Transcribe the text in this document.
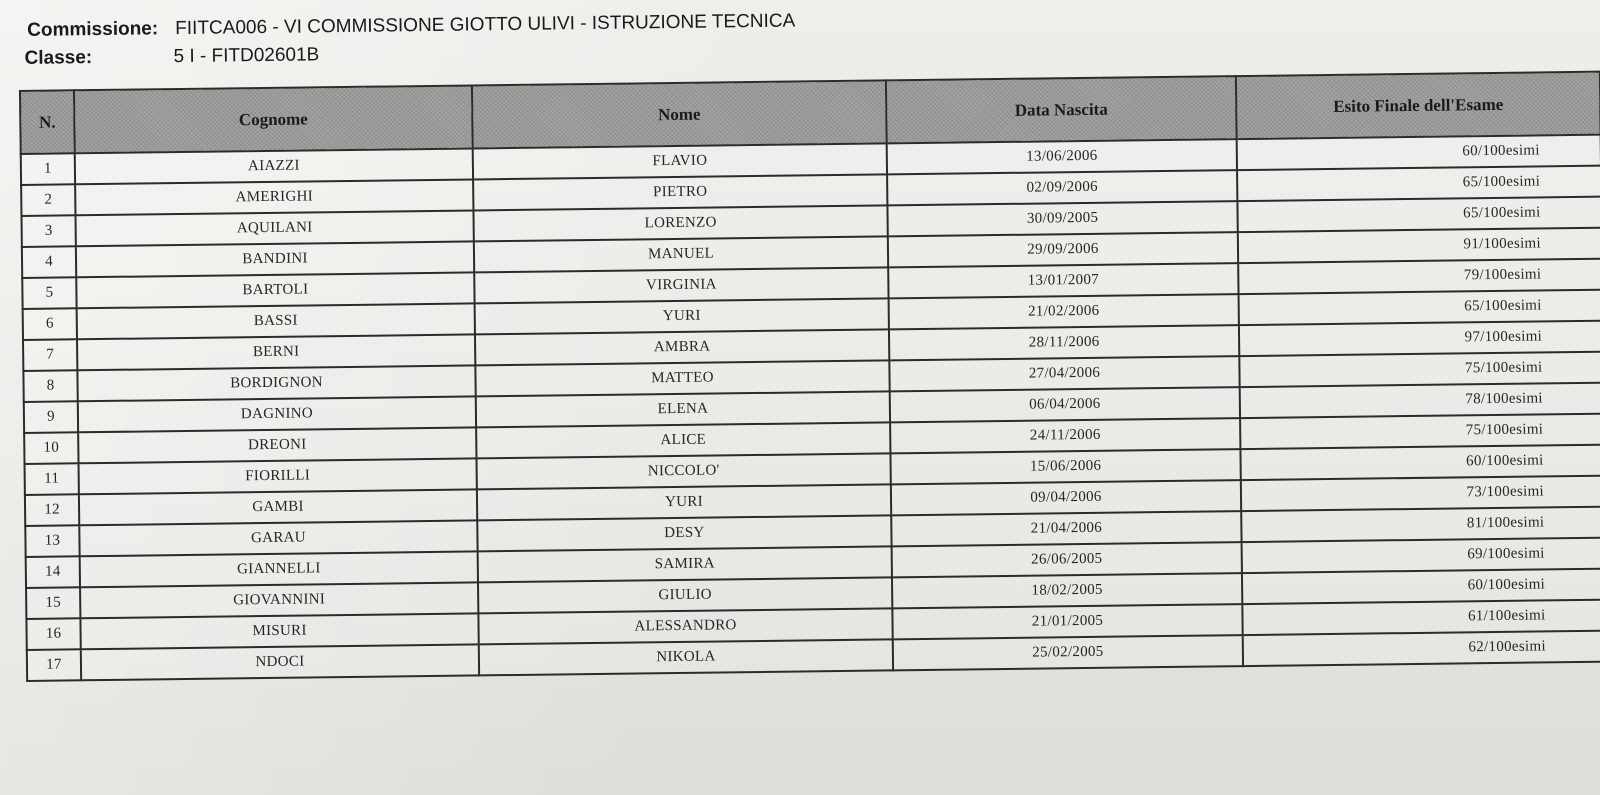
Commissione: FIITCA006 - VI COMMISSIONE GIOTTO ULIVI - ISTRUZIONE TECNICA
Classe:	5 I - FITD02601B
N.	Cognome	Nome	Data Nascita	Esito Finale dell'Esame
1	AIAZZI	FLAVIO	13/06/2006	60/100esimi
2	AMERIGHI	PIETRO	02/09/2006	65/100esimi
3	AQUILANI	LORENZO	30/09/2005	65/100esimi
4	BANDINI	MANUEL	29/09/2006	91/100esimi
5	BARTOLI	VIRGINIA	13/01/2007	79/100esimi
6	BASSI	YURI	21/02/2006	65/100esimi
7	BERNI	AMBRA	28/11/2006	97/100esimi
8	BORDIGNON	MATTEO	27/04/2006	75/100esimi
9	DAGNINO	ELENA	06/04/2006	78/100esimi
10	DREONI	ALICE	24/11/2006	75/100esimi
11	FIORILLI	NICCOLO'	15/06/2006	60/100esimi
12	GAMBI	YURI	09/04/2006	73/100esimi
13	GARAU	DESY	21/04/2006	81/100esimi
14	GIANNELLI	SAMIRA	26/06/2005	69/100esimi
15	GIOVANNINI	GIULIO	18/02/2005	60/100esimi
16	MISURI	ALESSANDRO	21/01/2005	61/100esimi
17	NDOCI	NIKOLA	25/02/2005	62/100esimi
